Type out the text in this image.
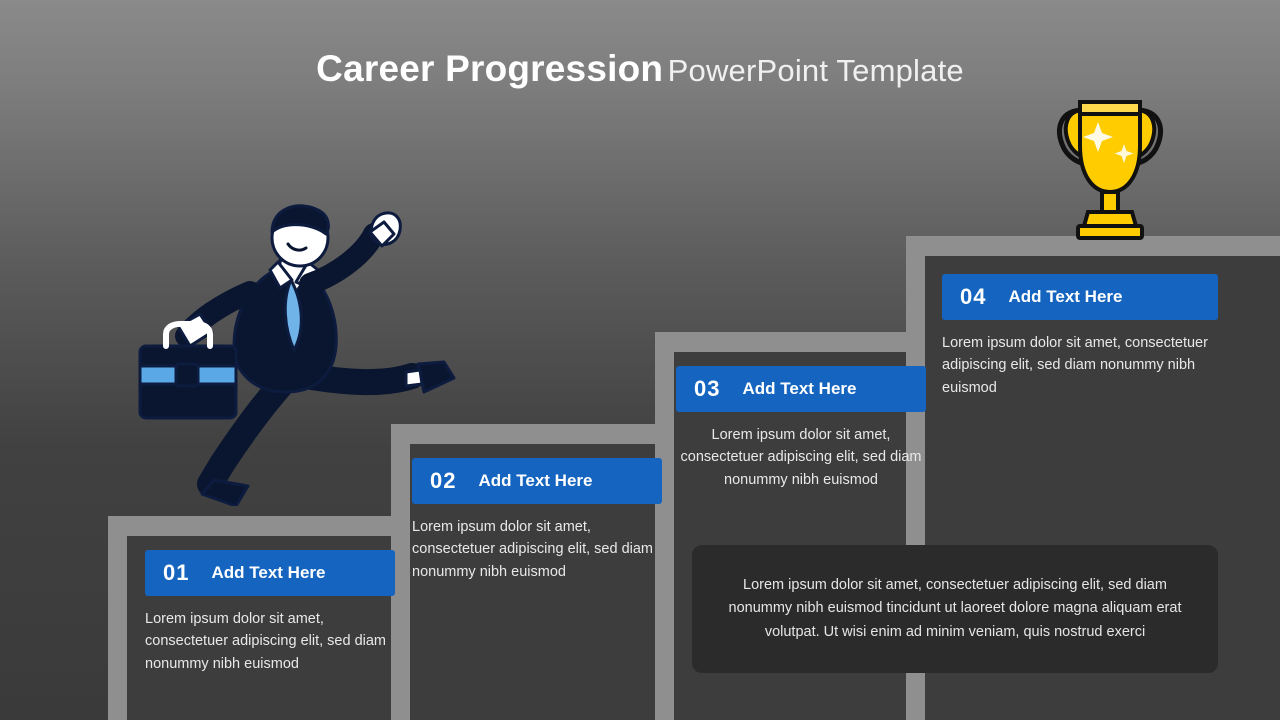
Career Progression PowerPoint Template
01 Add Text Here
Lorem ipsum dolor sit amet, consectetuer adipiscing elit, sed diam nonummy nibh euismod
02 Add Text Here
Lorem ipsum dolor sit amet, consectetuer adipiscing elit, sed diam nonummy nibh euismod
03 Add Text Here
Lorem ipsum dolor sit amet, consectetuer adipiscing elit, sed diam nonummy nibh euismod
04 Add Text Here
Lorem ipsum dolor sit amet, consectetuer adipiscing elit, sed diam nonummy nibh euismod
Lorem ipsum dolor sit amet, consectetuer adipiscing elit, sed diam nonummy nibh euismod tincidunt ut laoreet dolore magna aliquam erat volutpat. Ut wisi enim ad minim veniam, quis nostrud exerci
